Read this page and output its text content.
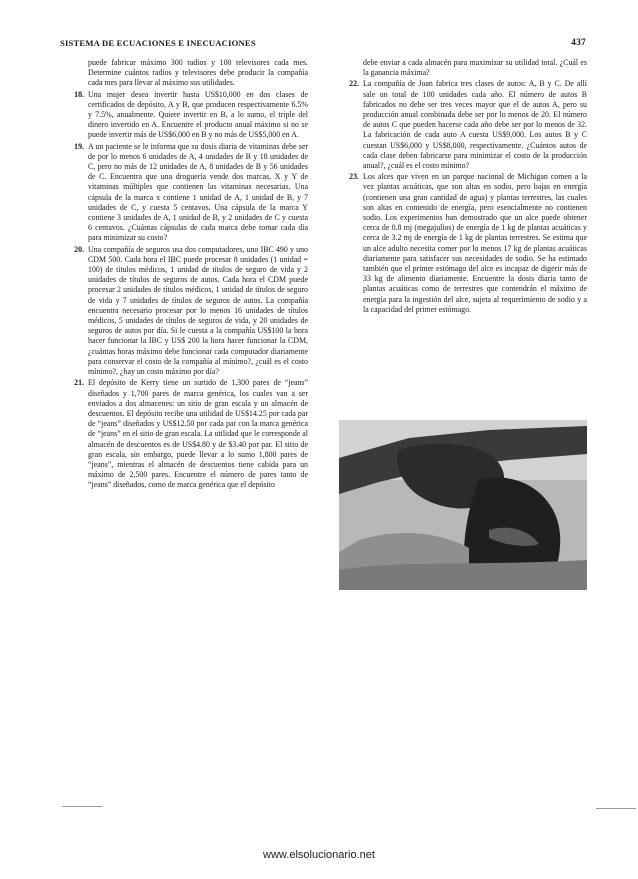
SISTEMA DE ECUACIONES E INECUACIONES	437

puede fabricar máximo 300 radios y 100 televisores cada mes. Determine cuántos radios y televisores debe producir la compañía cada mes para llevar al máximo sus utilidades.

18. Una mujer desea invertir hasta US$10,000 en dos clases de certificados de depósito, A y B, que producen respectivamente 6.5% y 7.5%, anualmente. Quiere invertir en B, a lo sumo, el triple del dinero invertido en A. Encuentre el producto anual máximo si no se puede invertir más de US$6,000 en B y no más de US$5,000 en A.
19. A un paciente se le informa que su dosis diaria de vitaminas debe ser de por lo menos 6 unidades de A, 4 unidades de B y 18 unidades de C, pero no más de 12 unidades de A, 8 unidades de B y 56 unidades de C. Encuentra que una droguería vende dos marcas, X y Y de vitaminas múltiples que contienen las vitaminas necesarias. Una cápsula de la marca x contiene 1 unidad de A, 1 unidad de B, y 7 unidades de C, y cuesta 5 centavos. Una cápsula de la marca Y contiene 3 unidades de A, 1 unidad de B, y 2 unidades de C y cuesta 6 centavos. ¿Cuántas cápsulas de cada marca debe tomar cada día para minimizar su costo?
20. Una compañía de seguros usa dos computadores, uno IBC 490 y uno CDM 500. Cada hora el IBC puede procesar 8 unidades (1 unidad = 100) de títulos médicos, 1 unidad de títulos de seguro de vida y 2 unidades de títulos de seguros de autos. Cada hora el CDM puede procesar 2 unidades de títulos médicos, 1 unidad de títulos de seguro de vida y 7 unidades de títulos de seguros de autos. La compañía encuentra necesario procesar por lo menos 16 unidades de títulos médicos, 5 unidades de títulos de seguros de vida, y 20 unidades de seguros de autos por día. Si le cuesta a la compañía US$100 la hora hacer funcionar la IBC y US$ 200 la hora hacer funcionar la CDM, ¿cuántas horas máximo debe funcionar cada computador diariamente para conservar el costo de la compañía al mínimo?, ¿cuál es el costo mínimo?, ¿hay un costo máximo por día?
21. El depósito de Kerry tiene un surtido de 1,300 pares de “jeans” diseñados y 1,700 pares de marca genérica, los cuales van a ser enviados a dos almacenes: un sitio de gran escala y un almacén de descuentos. El depósito recibe una utilidad de US$14.25 por cada par de “jeans” diseñados y US$12.50 por cada par con la marca genérica de “jeans” en el sitio de gran escala. La utilidad que le corresponde al almacén de descuentos es de US$4.80 y de $3.40 por par. El sitio de gran escala, sin embargo, puede llevar a lo sumo 1,800 pares de “jeans”, mientras el almacén de descuentos tiene cabida para un máximo de 2,500 pares. Encuentre el número de pares tanto de “jeans” diseñados, como de marca genérica que el depósito

debe enviar a cada almacén para maximizar su utilidad total. ¿Cuál es la ganancia máxima?

22. La compañía de Joan fabrica tres clases de autos: A, B y C. De allí sale un total de 100 unidades cada año. El número de autos B fabricados no debe ser tres veces mayor que el de autos A, pero su producción anual combinada debe ser por lo menos de 20. El número de autos C que pueden hacerse cada año debe ser por lo menos de 32. La fabricación de cada auto A cuesta US$9,000. Los autos B y C cuestan US$6,000 y US$8,000, respectivamente. ¿Cuántos autos de cada clase deben fabricarse para minimizar el costo de la producción anual?, ¿cuál es el costo mínimo?
23. Los alces que viven en un parque nacional de Michigan comen a la vez plantas acuáticas, que son altas en sodio, pero bajas en energía (contienen una gran cantidad de agua) y plantas terrestres, las cuales son altas en contenido de energía, pero esencialmente no contienen sodio. Los experimentos han demostrado que un alce puede obtener cerca de 0.8 mj (megajulios) de energía de 1 kg de plantas acuáticas y cerca de 3.2 mj de energía de 1 kg de plantas terrestres. Se estima que un alce adulto necesita comer por lo menos 17 kg de plantas acuáticas diariamente para satisfacer sus necesidades de sodio. Se ha estimado también que el primer estómago del alce es incapaz de digerir más de 33 kg de alimento diariamente. Encuentre la dosis diaria tanto de plantas acuáticas como de terrestres que contendrán el máximo de energía para la ingestión del alce, sujeta al requerimiento de sodio y a la capacidad del primer estómago.
www.elsolucionario.net
